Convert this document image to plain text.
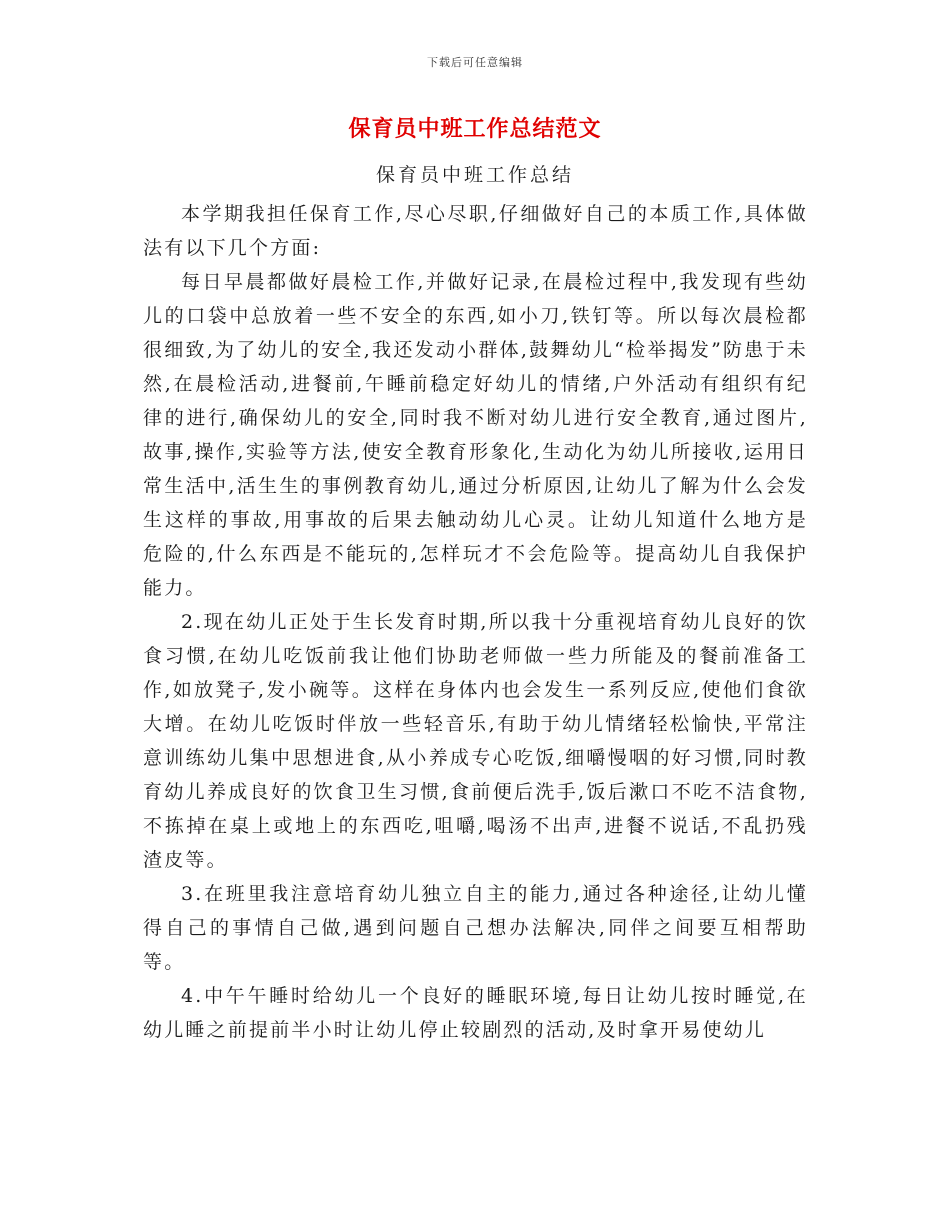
下载后可任意编辑
保育员中班工作总结范文
保育员中班工作总结

本学期我担任保育工作,尽心尽职,仔细做好自己的本质工作,具体做法有以下几个方面:

每日早晨都做好晨检工作,并做好记录,在晨检过程中,我发现有些幼儿的口袋中总放着一些不安全的东西,如小刀,铁钉等。所以每次晨检都很细致,为了幼儿的安全,我还发动小群体,鼓舞幼儿“检举揭发”防患于未然,在晨检活动,进餐前,午睡前稳定好幼儿的情绪,户外活动有组织有纪律的进行,确保幼儿的安全,同时我不断对幼儿进行安全教育,通过图片,故事,操作,实验等方法,使安全教育形象化,生动化为幼儿所接收,运用日常生活中,活生生的事例教育幼儿,通过分析原因,让幼儿了解为什么会发生这样的事故,用事故的后果去触动幼儿心灵。让幼儿知道什么地方是危险的,什么东西是不能玩的,怎样玩才不会危险等。提高幼儿自我保护能力。

2.现在幼儿正处于生长发育时期,所以我十分重视培育幼儿良好的饮食习惯,在幼儿吃饭前我让他们协助老师做一些力所能及的餐前准备工作,如放凳子,发小碗等。这样在身体内也会发生一系列反应,使他们食欲大增。在幼儿吃饭时伴放一些轻音乐,有助于幼儿情绪轻松愉快,平常注意训练幼儿集中思想进食,从小养成专心吃饭,细嚼慢咽的好习惯,同时教育幼儿养成良好的饮食卫生习惯,食前便后洗手,饭后漱口不吃不洁食物,不拣掉在桌上或地上的东西吃,咀嚼,喝汤不出声,进餐不说话,不乱扔残渣皮等。

3.在班里我注意培育幼儿独立自主的能力,通过各种途径,让幼儿懂得自己的事情自己做,遇到问题自己想办法解决,同伴之间要互相帮助等。

4.中午午睡时给幼儿一个良好的睡眠环境,每日让幼儿按时睡觉,在幼儿睡之前提前半小时让幼儿停止较剧烈的活动,及时拿开易使幼儿
